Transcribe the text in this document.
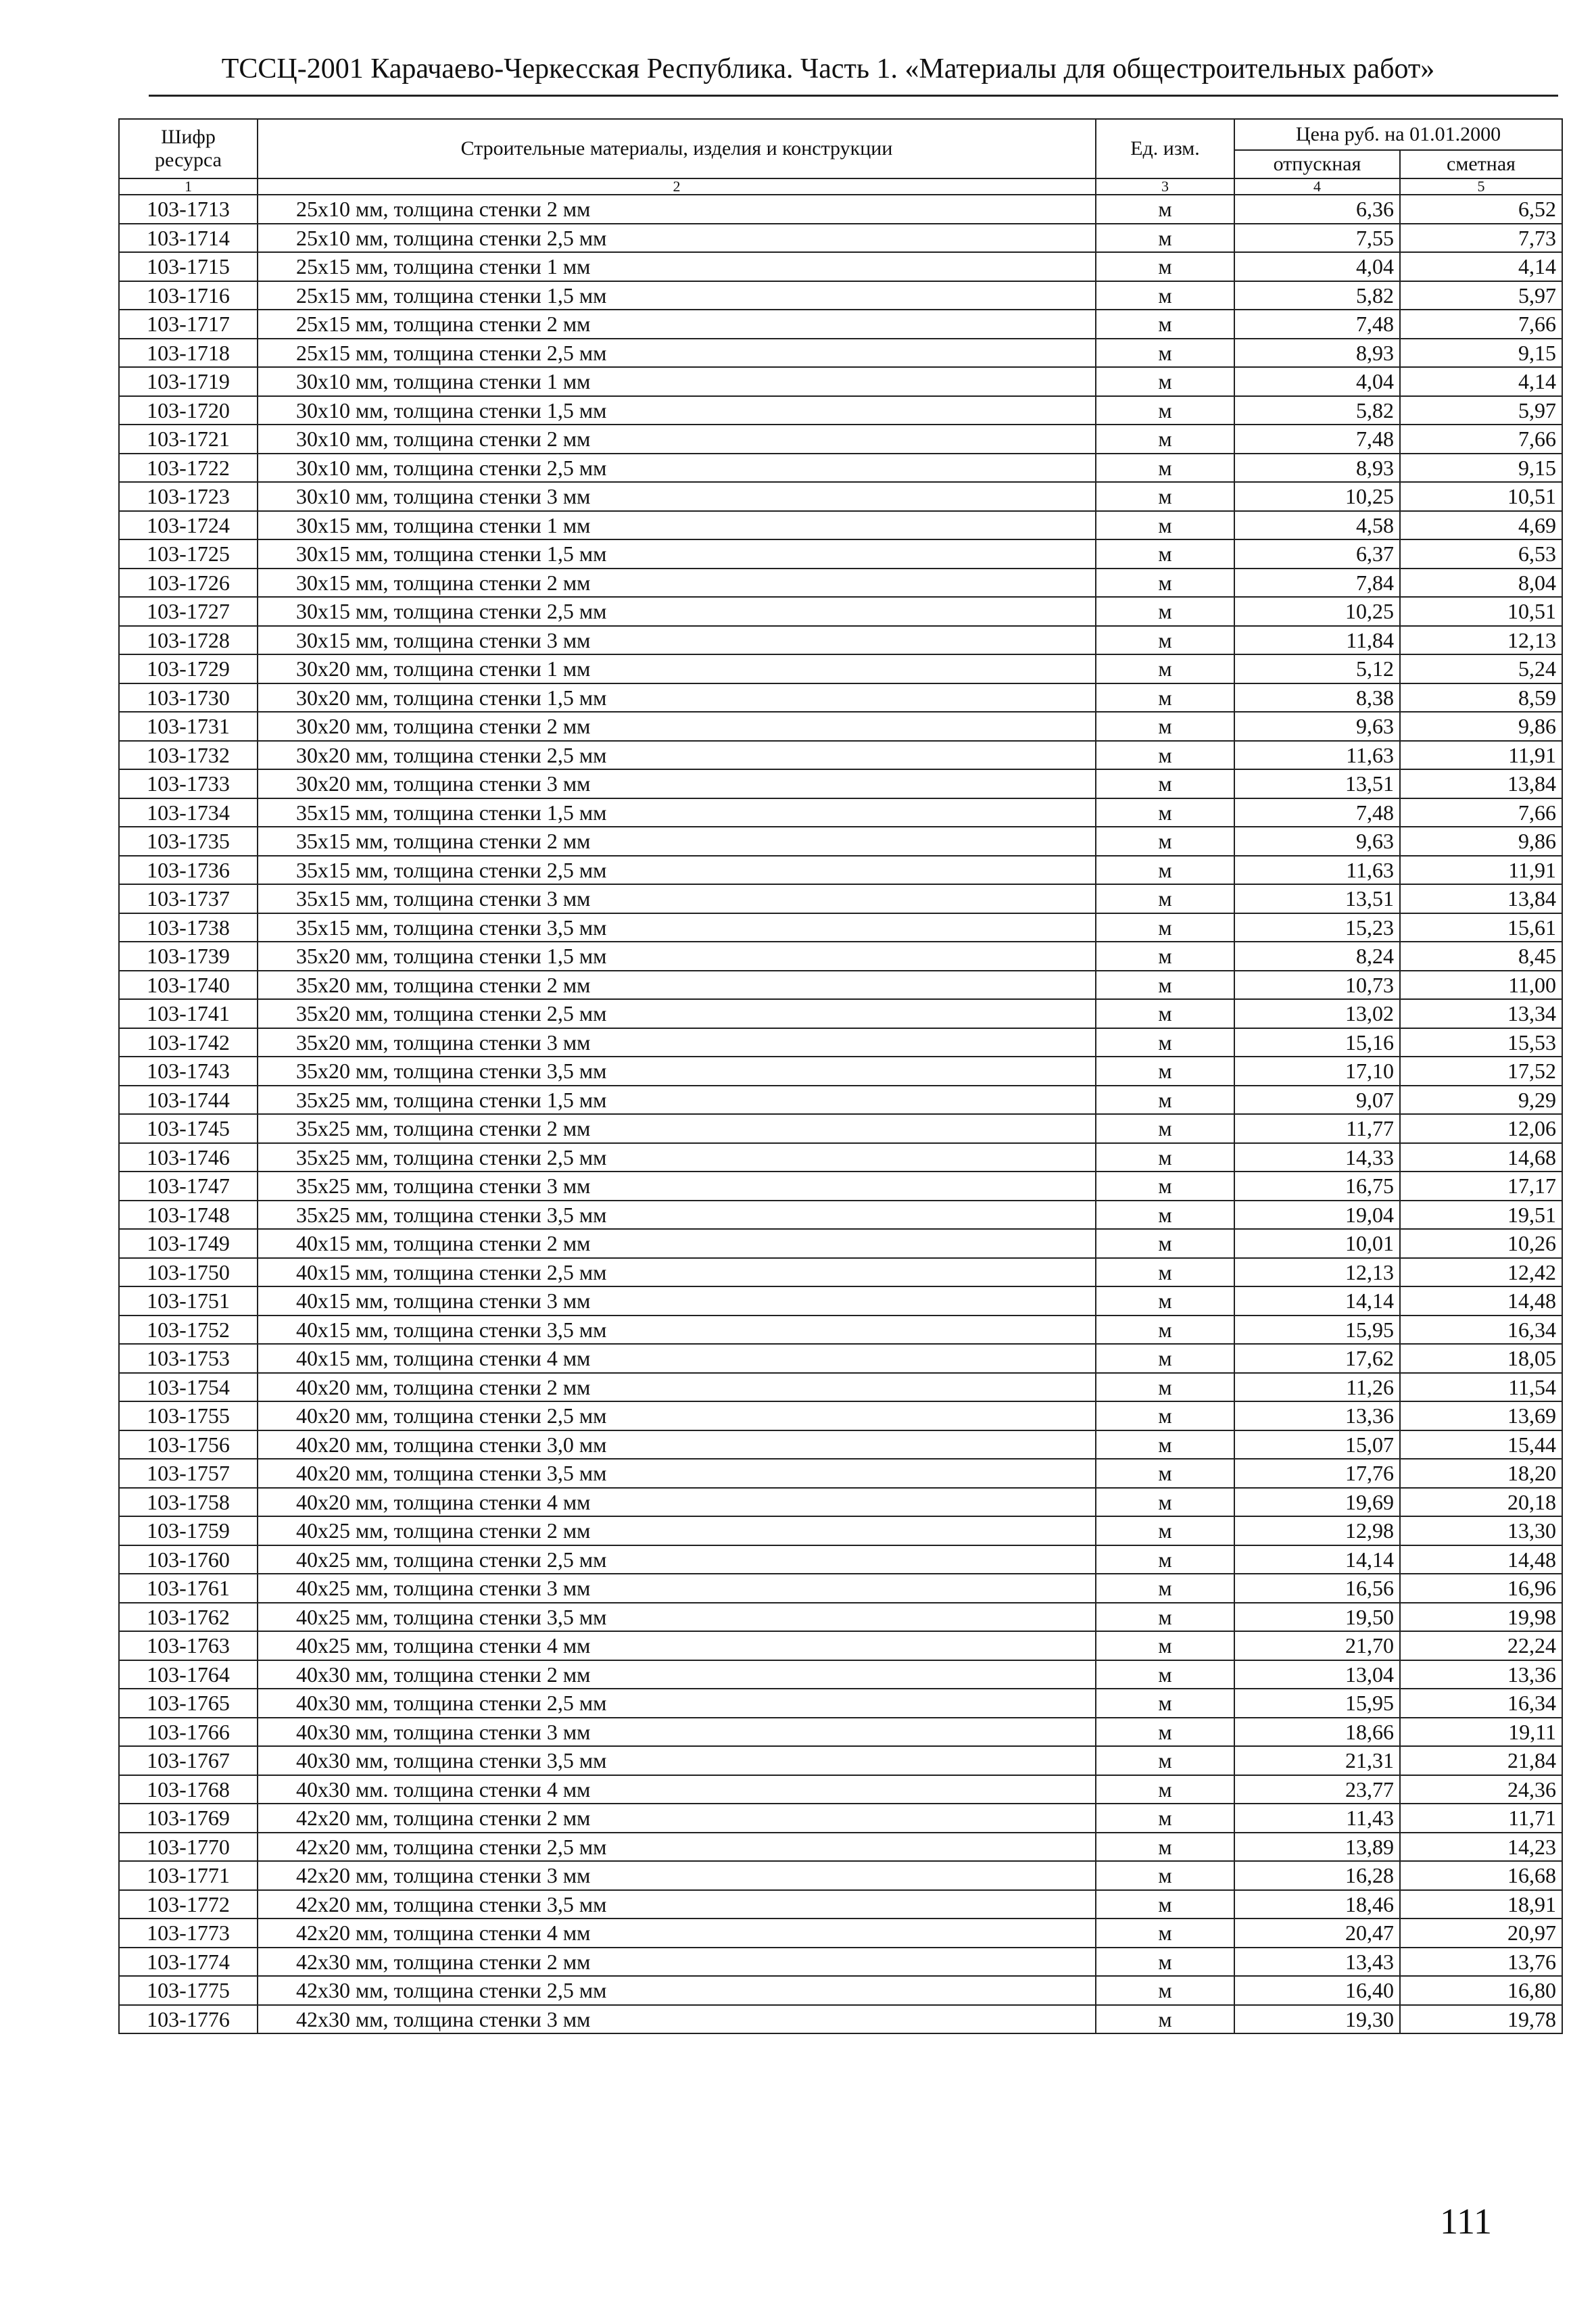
ТССЦ-2001 Карачаево-Черкесская Республика. Часть 1. «Материалы для общестроительных работ»
Шифр ресурса	Строительные материалы, изделия и конструкции	Ед. изм.	Цена руб. на 01.01.2000	
			отпускная	сметная
1	2	3	4	5
103-1713	25х10 мм, толщина стенки 2 мм	м	6,36	6,52
103-1714	25х10 мм, толщина стенки 2,5 мм	м	7,55	7,73
103-1715	25х15 мм, толщина стенки 1 мм	м	4,04	4,14
103-1716	25х15 мм, толщина стенки 1,5 мм	м	5,82	5,97
103-1717	25х15 мм, толщина стенки 2 мм	м	7,48	7,66
103-1718	25х15 мм, толщина стенки 2,5 мм	м	8,93	9,15
103-1719	30х10 мм, толщина стенки 1 мм	м	4,04	4,14
103-1720	30х10 мм, толщина стенки 1,5 мм	м	5,82	5,97
103-1721	30х10 мм, толщина стенки 2 мм	м	7,48	7,66
103-1722	30х10 мм, толщина стенки 2,5 мм	м	8,93	9,15
103-1723	30х10 мм, толщина стенки 3 мм	м	10,25	10,51
103-1724	30х15 мм, толщина стенки 1 мм	м	4,58	4,69
103-1725	30х15 мм, толщина стенки 1,5 мм	м	6,37	6,53
103-1726	30х15 мм, толщина стенки 2 мм	м	7,84	8,04
103-1727	30х15 мм, толщина стенки 2,5 мм	м	10,25	10,51
103-1728	30х15 мм, толщина стенки 3 мм	м	11,84	12,13
103-1729	30х20 мм, толщина стенки 1 мм	м	5,12	5,24
103-1730	30х20 мм, толщина стенки 1,5 мм	м	8,38	8,59
103-1731	30х20 мм, толщина стенки 2 мм	м	9,63	9,86
103-1732	30х20 мм, толщина стенки 2,5 мм	м	11,63	11,91
103-1733	30х20 мм, толщина стенки 3 мм	м	13,51	13,84
103-1734	35х15 мм, толщина стенки 1,5 мм	м	7,48	7,66
103-1735	35х15 мм, толщина стенки 2 мм	м	9,63	9,86
103-1736	35х15 мм, толщина стенки 2,5 мм	м	11,63	11,91
103-1737	35х15 мм, толщина стенки 3 мм	м	13,51	13,84
103-1738	35х15 мм, толщина стенки 3,5 мм	м	15,23	15,61
103-1739	35х20 мм, толщина стенки 1,5 мм	м	8,24	8,45
103-1740	35х20 мм, толщина стенки 2 мм	м	10,73	11,00
103-1741	35х20 мм, толщина стенки 2,5 мм	м	13,02	13,34
103-1742	35х20 мм, толщина стенки 3 мм	м	15,16	15,53
103-1743	35х20 мм, толщина стенки 3,5 мм	м	17,10	17,52
103-1744	35х25 мм, толщина стенки 1,5 мм	м	9,07	9,29
103-1745	35х25 мм, толщина стенки 2 мм	м	11,77	12,06
103-1746	35х25 мм, толщина стенки 2,5 мм	м	14,33	14,68
103-1747	35х25 мм, толщина стенки 3 мм	м	16,75	17,17
103-1748	35х25 мм, толщина стенки 3,5 мм	м	19,04	19,51
103-1749	40х15 мм, толщина стенки 2 мм	м	10,01	10,26
103-1750	40х15 мм, толщина стенки 2,5 мм	м	12,13	12,42
103-1751	40х15 мм, толщина стенки 3 мм	м	14,14	14,48
103-1752	40х15 мм, толщина стенки 3,5 мм	м	15,95	16,34
103-1753	40х15 мм, толщина стенки 4 мм	м	17,62	18,05
103-1754	40х20 мм, толщина стенки 2 мм	м	11,26	11,54
103-1755	40х20 мм, толщина стенки 2,5 мм	м	13,36	13,69
103-1756	40х20 мм, толщина стенки 3,0 мм	м	15,07	15,44
103-1757	40х20 мм, толщина стенки 3,5 мм	м	17,76	18,20
103-1758	40х20 мм, толщина стенки 4 мм	м	19,69	20,18
103-1759	40х25 мм, толщина стенки 2 мм	м	12,98	13,30
103-1760	40х25 мм, толщина стенки 2,5 мм	м	14,14	14,48
103-1761	40х25 мм, толщина стенки 3 мм	м	16,56	16,96
103-1762	40х25 мм, толщина стенки 3,5 мм	м	19,50	19,98
103-1763	40х25 мм, толщина стенки 4 мм	м	21,70	22,24
103-1764	40х30 мм, толщина стенки 2 мм	м	13,04	13,36
103-1765	40х30 мм, толщина стенки 2,5 мм	м	15,95	16,34
103-1766	40х30 мм, толщина стенки 3 мм	м	18,66	19,11
103-1767	40х30 мм, толщина стенки 3,5 мм	м	21,31	21,84
103-1768	40х30 мм. толщина стенки 4 мм	м	23,77	24,36
103-1769	42х20 мм, толщина стенки 2 мм	м	11,43	11,71
103-1770	42х20 мм, толщина стенки 2,5 мм	м	13,89	14,23
103-1771	42х20 мм, толщина стенки 3 мм	м	16,28	16,68
103-1772	42х20 мм, толщина стенки 3,5 мм	м	18,46	18,91
103-1773	42х20 мм, толщина стенки 4 мм	м	20,47	20,97
103-1774	42х30 мм, толщина стенки 2 мм	м	13,43	13,76
103-1775	42х30 мм, толщина стенки 2,5 мм	м	16,40	16,80
103-1776	42х30 мм, толщина стенки 3 мм	м	19,30	19,78
111
